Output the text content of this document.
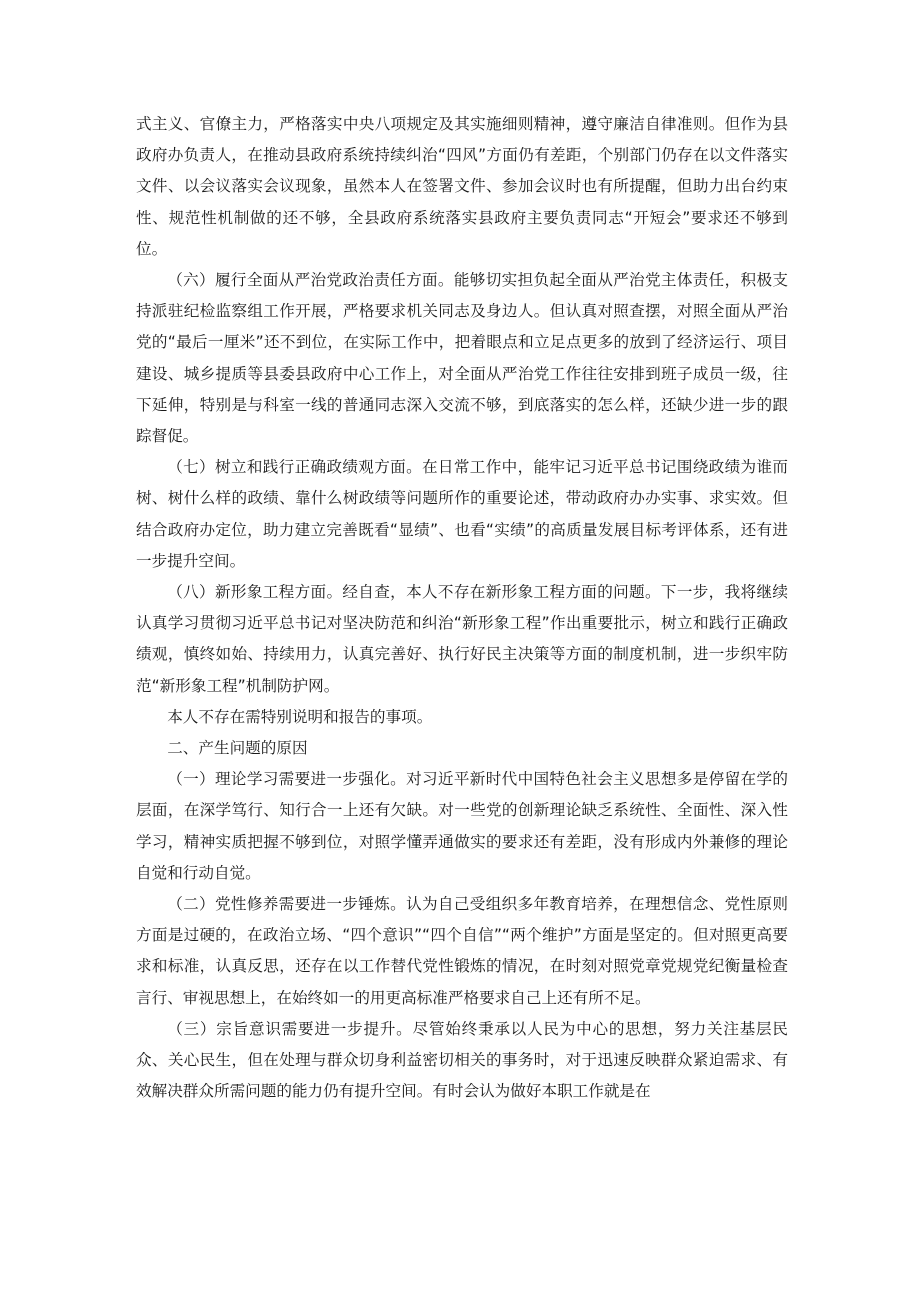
式主义、官僚主力，严格落实中央八项规定及其实施细则精神，遵守廉洁自律准则。但作为县政府办负责人，在推动县政府系统持续纠治“四风”方面仍有差距，个别部门仍存在以文件落实文件、以会议落实会议现象，虽然本人在签署文件、参加会议时也有所提醒，但助力出台约束性、规范性机制做的还不够，全县政府系统落实县政府主要负责同志“开短会”要求还不够到位。

（六）履行全面从严治党政治责任方面。能够切实担负起全面从严治党主体责任，积极支持派驻纪检监察组工作开展，严格要求机关同志及身边人。但认真对照查摆，对照全面从严治党的“最后一厘米”还不到位，在实际工作中，把着眼点和立足点更多的放到了经济运行、项目建设、城乡提质等县委县政府中心工作上，对全面从严治党工作往往安排到班子成员一级，往下延伸，特别是与科室一线的普通同志深入交流不够，到底落实的怎么样，还缺少进一步的跟踪督促。

（七）树立和践行正确政绩观方面。在日常工作中，能牢记习近平总书记围绕政绩为谁而树、树什么样的政绩、靠什么树政绩等问题所作的重要论述，带动政府办办实事、求实效。但结合政府办定位，助力建立完善既看“显绩”、也看“实绩”的高质量发展目标考评体系，还有进一步提升空间。

（八）新形象工程方面。经自查，本人不存在新形象工程方面的问题。下一步，我将继续认真学习贯彻习近平总书记对坚决防范和纠治“新形象工程”作出重要批示，树立和践行正确政绩观，慎终如始、持续用力，认真完善好、执行好民主决策等方面的制度机制，进一步织牢防范“新形象工程”机制防护网。

本人不存在需特别说明和报告的事项。

二、产生问题的原因

（一）理论学习需要进一步强化。对习近平新时代中国特色社会主义思想多是停留在学的层面，在深学笃行、知行合一上还有欠缺。对一些党的创新理论缺乏系统性、全面性、深入性学习，精神实质把握不够到位，对照学懂弄通做实的要求还有差距，没有形成内外兼修的理论自觉和行动自觉。

（二）党性修养需要进一步锤炼。认为自己受组织多年教育培养，在理想信念、党性原则方面是过硬的，在政治立场、“四个意识”“四个自信”“两个维护”方面是坚定的。但对照更高要求和标准，认真反思，还存在以工作替代党性锻炼的情况，在时刻对照党章党规党纪衡量检查言行、审视思想上，在始终如一的用更高标准严格要求自己上还有所不足。

（三）宗旨意识需要进一步提升。尽管始终秉承以人民为中心的思想，努力关注基层民众、关心民生，但在处理与群众切身利益密切相关的事务时，对于迅速反映群众紧迫需求、有效解决群众所需问题的能力仍有提升空间。有时会认为做好本职工作就是在
